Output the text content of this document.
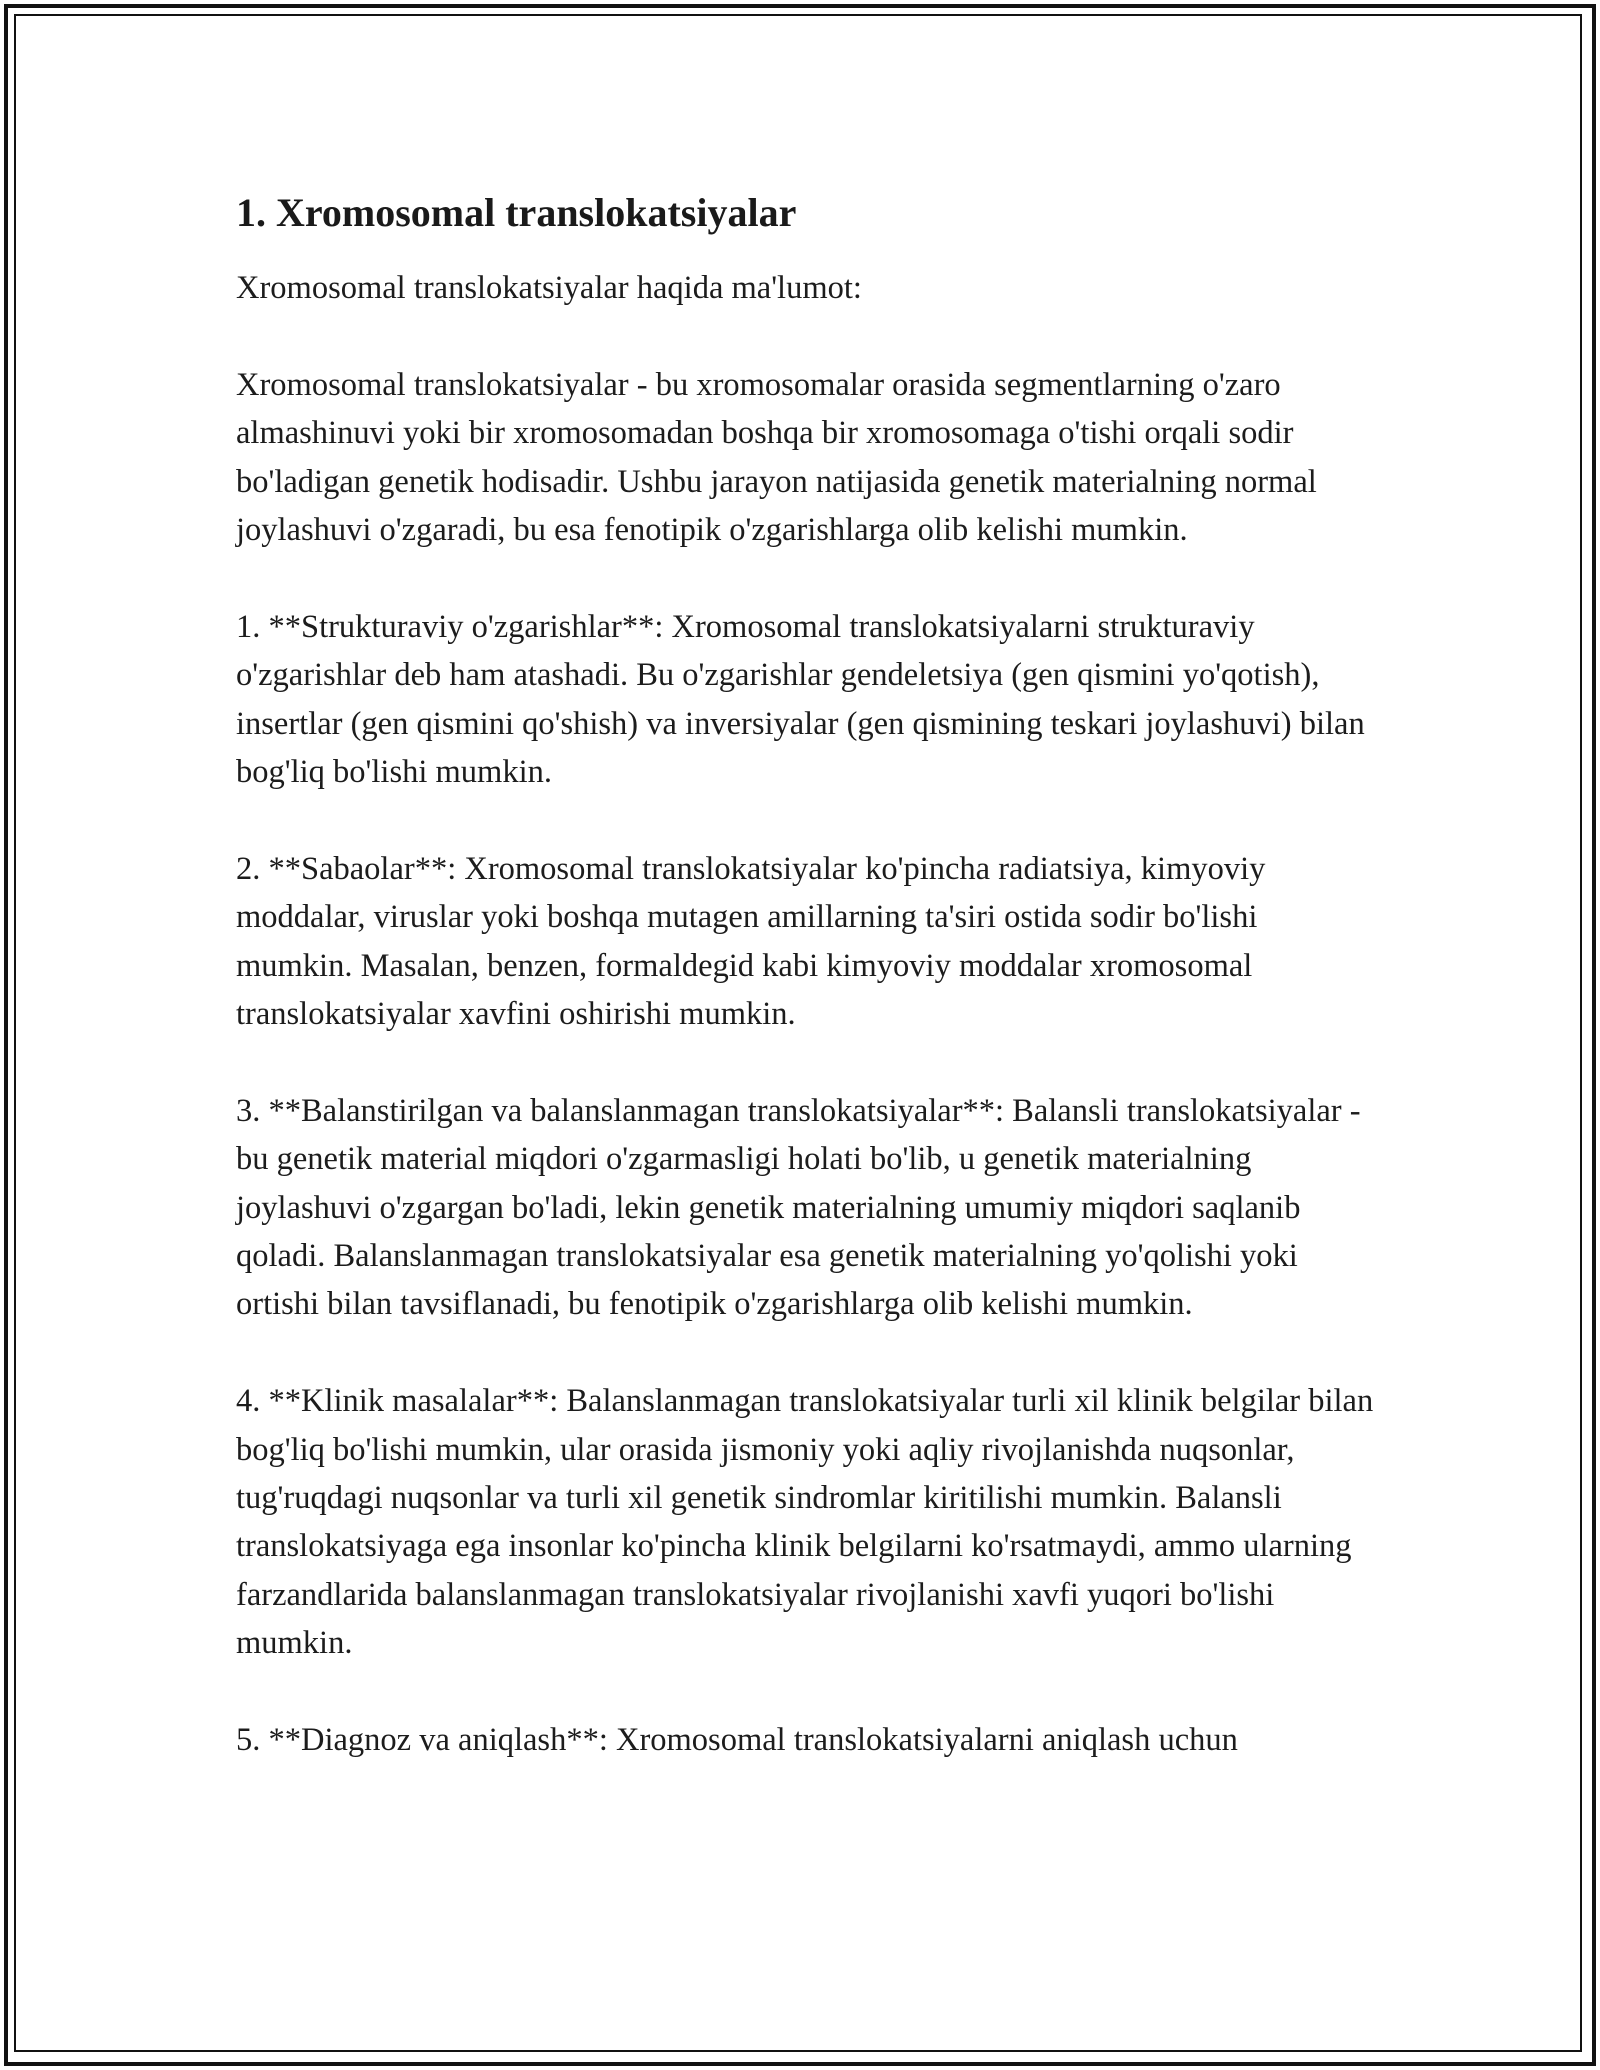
1. Xromosomal translokatsiyalar

Xromosomal translokatsiyalar haqida ma'lumot:

Xromosomal translokatsiyalar - bu xromosomalar orasida segmentlarning o'zaro almashinuvi yoki bir xromosomadan boshqa bir xromosomaga o'tishi orqali sodir bo'ladigan genetik hodisadir. Ushbu jarayon natijasida genetik materialning normal joylashuvi o'zgaradi, bu esa fenotipik o'zgarishlarga olib kelishi mumkin.

1. **Strukturaviy o'zgarishlar**: Xromosomal translokatsiyalarni strukturaviy o'zgarishlar deb ham atashadi. Bu o'zgarishlar gendeletsiya (gen qismini yo'qotish), insertlar (gen qismini qo'shish) va inversiyalar (gen qismining teskari joylashuvi) bilan bog'liq bo'lishi mumkin.

2. **Sabaolar**: Xromosomal translokatsiyalar ko'pincha radiatsiya, kimyoviy moddalar, viruslar yoki boshqa mutagen amillarning ta'siri ostida sodir bo'lishi mumkin. Masalan, benzen, formaldegid kabi kimyoviy moddalar xromosomal translokatsiyalar xavfini oshirishi mumkin.

3. **Balanstirilgan va balanslanmagan translokatsiyalar**: Balansli translokatsiyalar - bu genetik material miqdori o'zgarmasligi holati bo'lib, u genetik materialning joylashuvi o'zgargan bo'ladi, lekin genetik materialning umumiy miqdori saqlanib qoladi. Balanslanmagan translokatsiyalar esa genetik materialning yo'qolishi yoki ortishi bilan tavsiflanadi, bu fenotipik o'zgarishlarga olib kelishi mumkin.

4. **Klinik masalalar**: Balanslanmagan translokatsiyalar turli xil klinik belgilar bilan bog'liq bo'lishi mumkin, ular orasida jismoniy yoki aqliy rivojlanishda nuqsonlar, tug'ruqdagi nuqsonlar va turli xil genetik sindromlar kiritilishi mumkin. Balansli translokatsiyaga ega insonlar ko'pincha klinik belgilarni ko'rsatmaydi, ammo ularning farzandlarida balanslanmagan translokatsiyalar rivojlanishi xavfi yuqori bo'lishi mumkin.

5. **Diagnoz va aniqlash**: Xromosomal translokatsiyalarni aniqlash uchun
